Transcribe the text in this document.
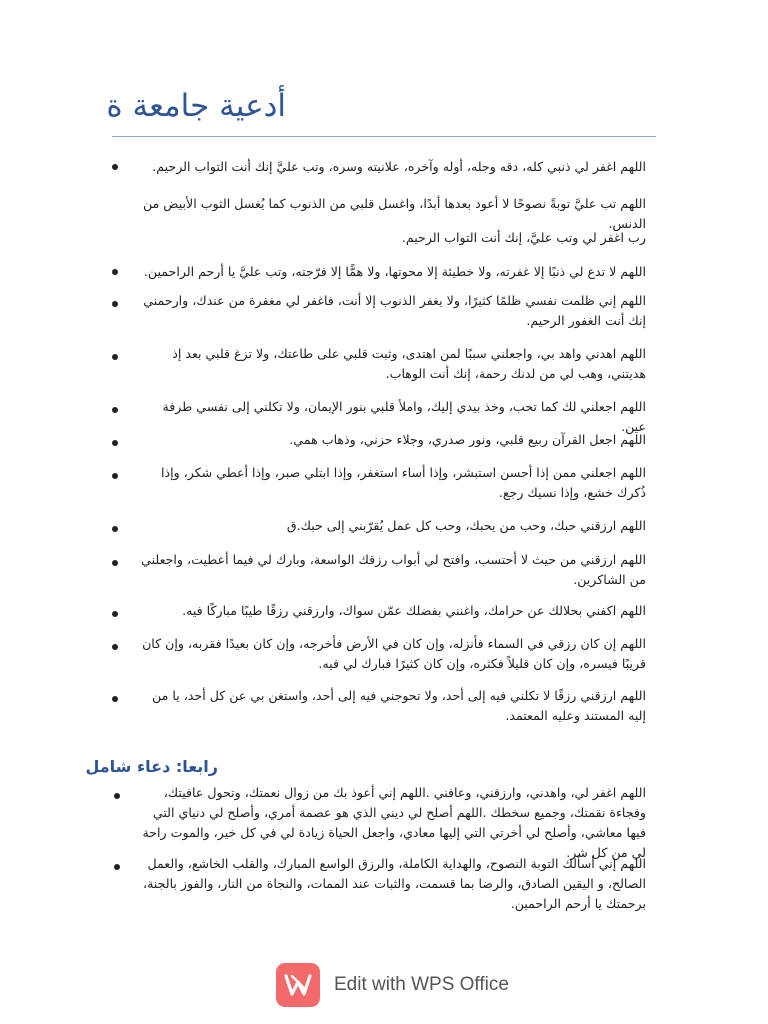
أدعية جامعة ة
اللهم اغفر لي ذنبي كله، دقه وجله، أوله وآخره، علانيته وسره، وتب عليَّ إنك أنت التواب الرحيم.
اللهم تب عليَّ توبةً نصوحًا لا أعود بعدها أبدًا، واغسل قلبي من الذنوب كما يُغسل الثوب الأبيض من الدنس.
رب اغفر لي وتب عليَّ، إنك أنت التواب الرحيم.
اللهم لا تدع لي ذنبًا إلا غفرته، ولا خطيئة إلا محوتها، ولا همًّا إلا فرّجته، وتب عليَّ يا أرحم الراحمين.
اللهم إني ظلمت نفسي ظلمًا كثيرًا، ولا يغفر الذنوب إلا أنت، فاغفر لي مغفرة من عندك، وارحمني إنك أنت الغفور الرحيم.
اللهم اهدني واهد بي، واجعلني سببًا لمن اهتدى، وثبت قلبي على طاعتك، ولا تزغ قلبي بعد إذ هديتني، وهب لي من لدنك رحمة، إنك أنت الوهاب.
اللهم اجعلني لك كما تحب، وخذ بيدي إليك، واملأ قلبي بنور الإيمان، ولا تكلني إلى نفسي طرفة عين.
اللهم اجعل القرآن ربيع قلبي، ونور صدري، وجلاء حزني، وذهاب همي.
اللهم اجعلني ممن إذا أحسن استبشر، وإذا أساء استغفر، وإذا ابتلي صبر، وإذا أعطي شكر، وإذا ذُكرك خشع، وإذا نسيك رجع.
اللهم ارزقني حبك، وحب من يحبك، وحب كل عمل يُقرّبني إلى حبك.ق
اللهم ارزقني من حيث لا أحتسب، وافتح لي أبواب رزقك الواسعة، وبارك لي فيما أعطيت، واجعلني من الشاكرين.
اللهم اكفني بحلالك عن حرامك، واغنني بفضلك عمّن سواك، وارزقني رزقًا طيبًا مباركًا فيه.
اللهم إن كان رزقي في السماء فأنزله، وإن كان في الأرض فأخرجه، وإن كان بعيدًا فقربه، وإن كان قريبًا فيسره، وإن كان قليلاً فكثره، وإن كان كثيرًا فبارك لي فيه.
اللهم ارزقني رزقًا لا تكلني فيه إلى أحد، ولا تحوجني فيه إلى أحد، واستغن بي عن كل أحد، يا من إليه المستند وعليه المعتمد.
رابعا: دعاء شامل
اللهم اغفر لي، واهدني، وارزقني، وعافني .اللهم إني أعوذ بك من زوال نعمتك، وتحول عافيتك، وفجاءة نقمتك، وجميع سخطك .اللهم أصلح لي ديني الذي هو عصمة أمري، وأصلح لي دنياي التي فيها معاشي، وأصلح لي أخرتي التي إليها معادي، واجعل الحياة زيادة لي في كل خير، والموت راحة لي من كل شر.
اللهم إني أسألك التوبة النصوح، والهداية الكاملة، والرزق الواسع المبارك، والقلب الخاشع، والعمل الصالح، و اليقين الصادق، والرضا بما قسمت، والثبات عند الممات، والنجاة من النار، والفوز بالجنة، برحمتك يا أرحم الراحمين.
Edit with WPS Office
